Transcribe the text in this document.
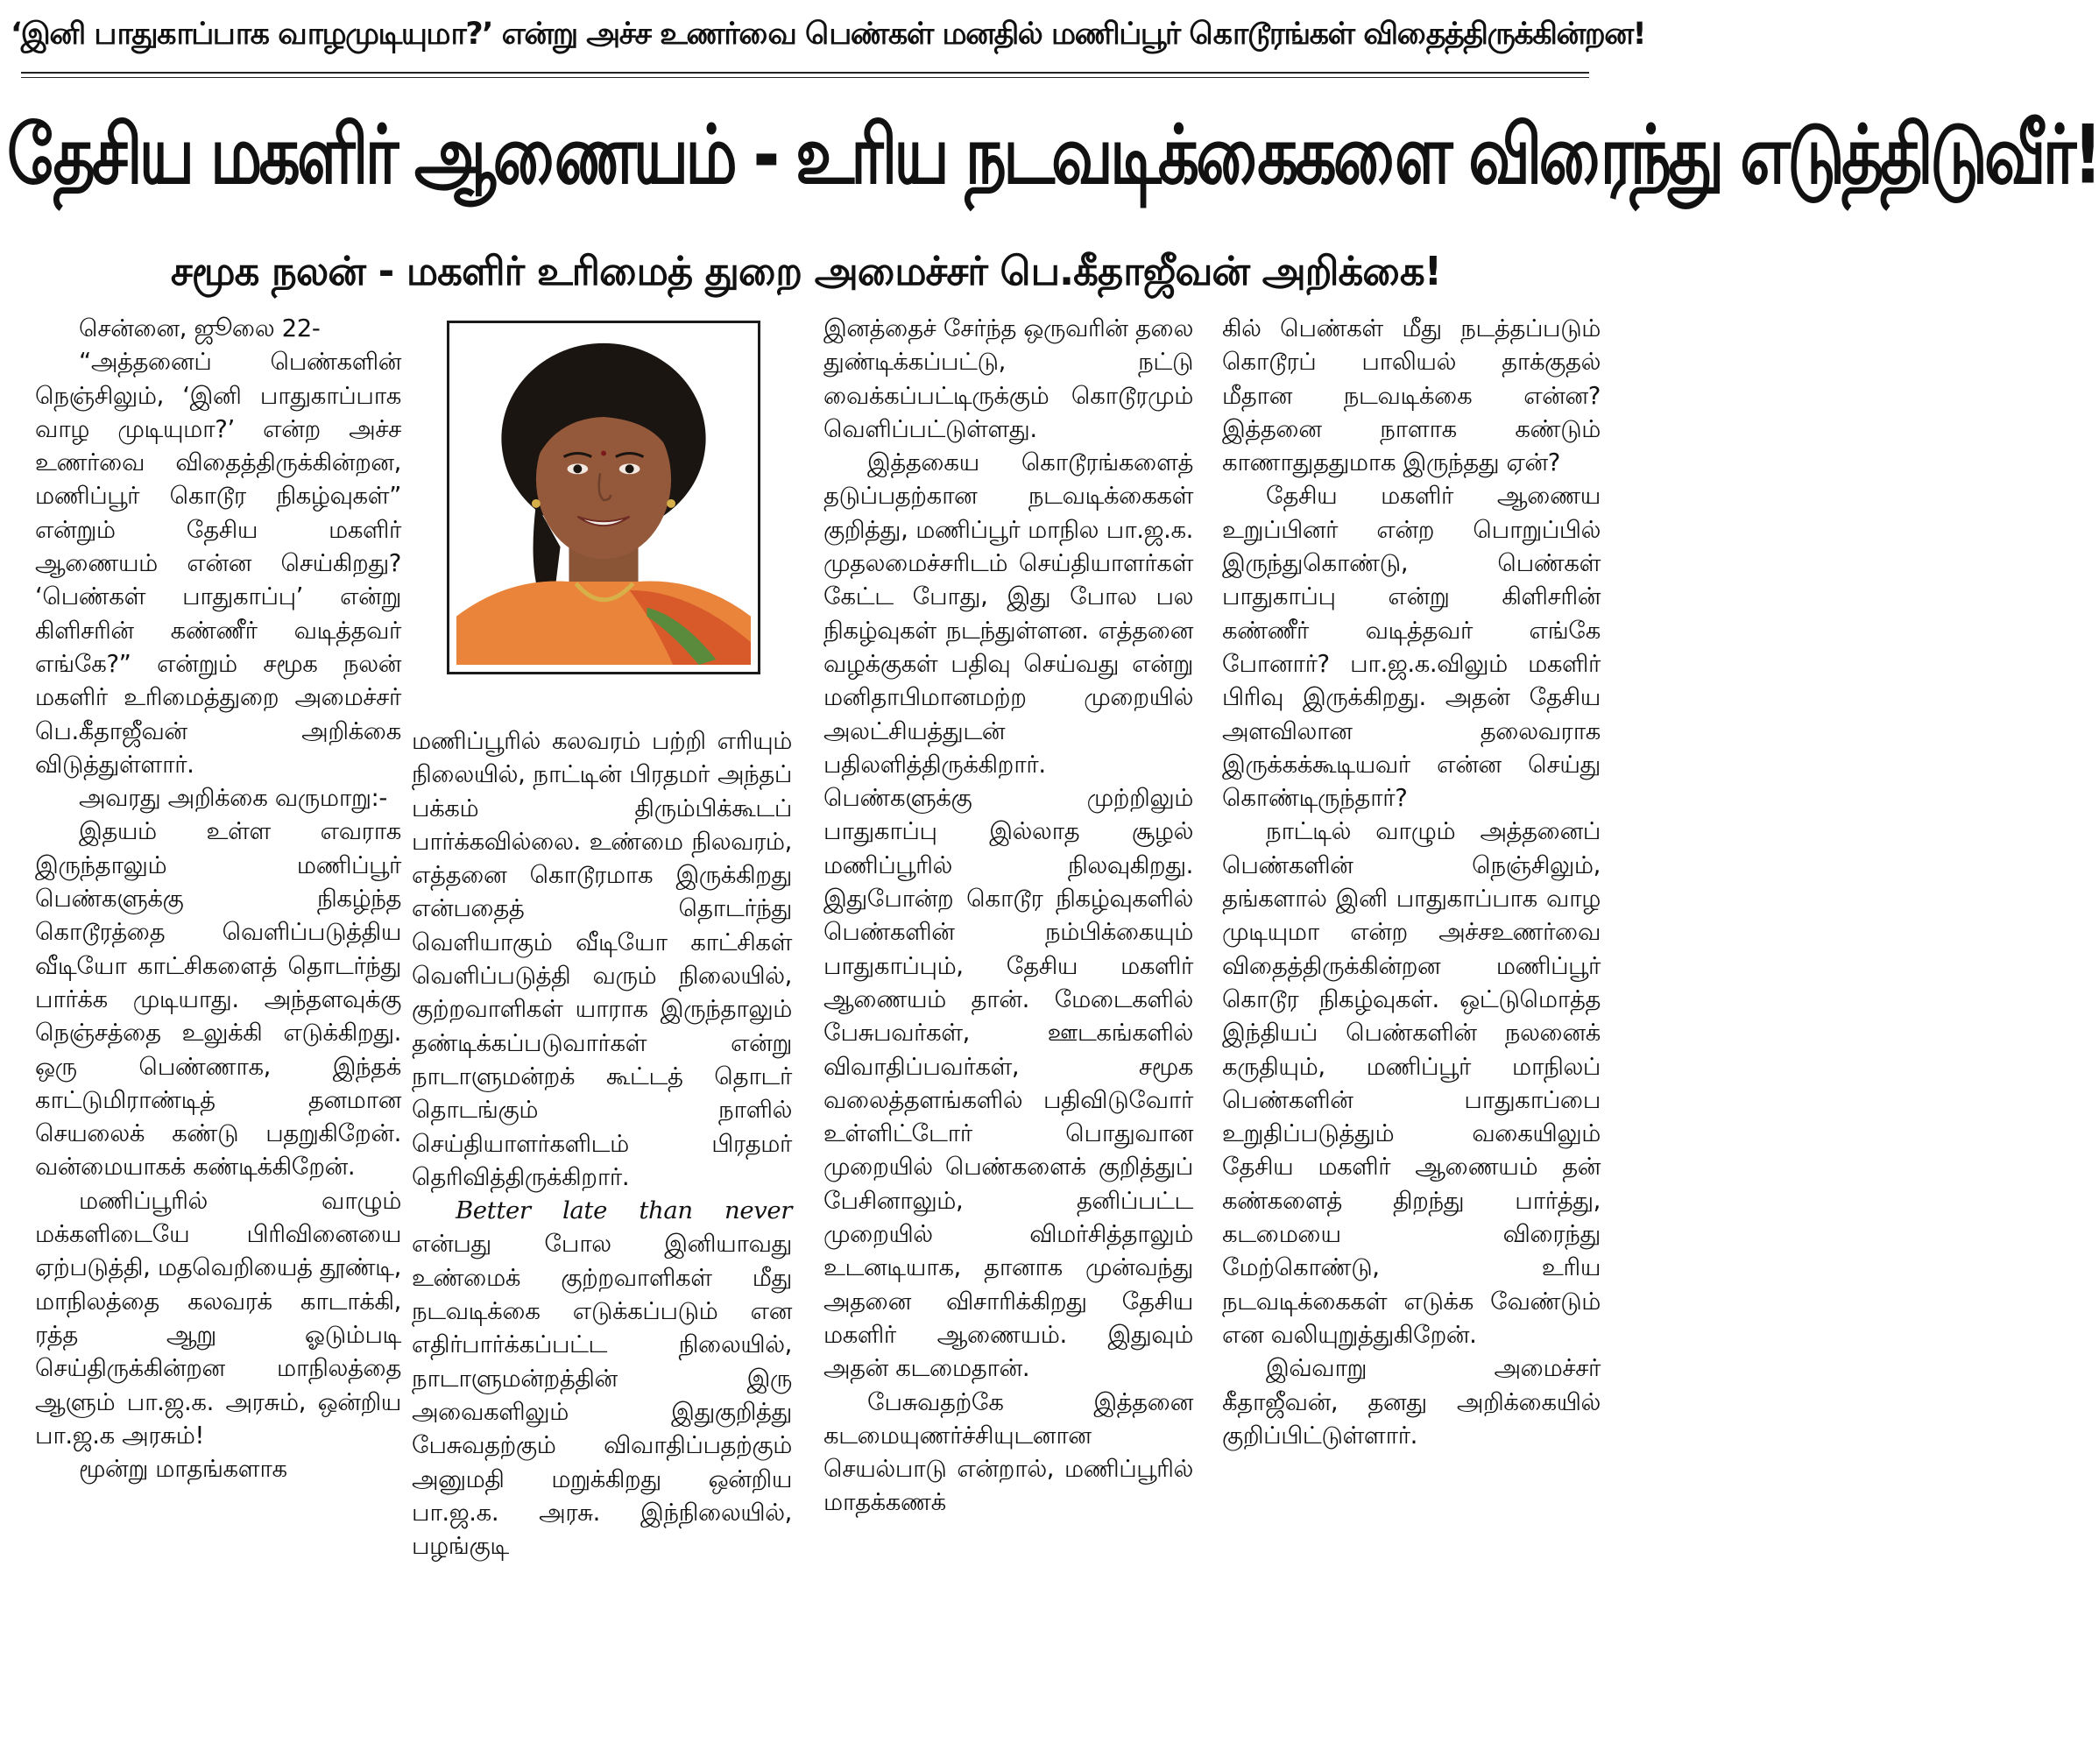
‘இனி பாதுகாப்பாக வாழமுடியுமா?’ என்று அச்ச உணர்வை பெண்கள் மனதில் மணிப்பூர் கொடூரங்கள் விதைத்திருக்கின்றன!
தேசிய மகளிர் ஆணையம் - உரிய நடவடிக்கைகளை விரைந்து எடுத்திடுவீர்!
சமூக நலன் - மகளிர் உரிமைத் துறை அமைச்சர் பெ.கீதாஜீவன் அறிக்கை!

சென்னை, ஜூலை 22-

“அத்தனைப் பெண்களின் நெஞ்சிலும், ‘இனி பாதுகாப்பாக வாழ முடியுமா?’ என்ற அச்ச உணர்வை விதைத்திருக்கின்றன, மணிப்பூர் கொடூர நிகழ்வுகள்” என்றும் தேசிய மகளிர் ஆணையம் என்ன செய்கிறது? ‘பெண்கள் பாதுகாப்பு’ என்று கிளிசரின் கண்ணீர் வடித்தவர் எங்கே?” என்றும் சமூக நலன் மகளிர் உரிமைத்துறை அமைச்சர் பெ.கீதாஜீவன் அறிக்கை விடுத்துள்ளார்.

அவரது அறிக்கை வருமாறு:-

இதயம் உள்ள எவராக இருந்தாலும் மணிப்பூர் பெண்களுக்கு நிகழ்ந்த கொடூரத்தை வெளிப்படுத்திய வீடியோ காட்சிகளைத் தொடர்ந்து பார்க்க முடியாது. அந்தளவுக்கு நெஞ்சத்தை உலுக்கி எடுக்கிறது. ஒரு பெண்ணாக, இந்தக் காட்டுமிராண்டித் தனமான செயலைக் கண்டு பதறுகிறேன். வன்மையாகக் கண்டிக்கிறேன்.

மணிப்பூரில் வாழும் மக்களிடையே பிரிவினையை ஏற்படுத்தி, மதவெறியைத் தூண்டி, மாநிலத்தை கலவரக் காடாக்கி, ரத்த ஆறு ஓடும்படி செய்திருக்கின்றன மாநிலத்தை ஆளும் பா.ஜ.க. அரசும், ஒன்றிய பா.ஜ.க அரசும்!

மூன்று மாதங்களாக

மணிப்பூரில் கலவரம் பற்றி எரியும் நிலையில், நாட்டின் பிரதமர் அந்தப் பக்கம் திரும்பிக்கூடப் பார்க்கவில்லை. உண்மை நிலவரம், எத்தனை கொடூரமாக இருக்கிறது என்பதைத் தொடர்ந்து வெளியாகும் வீடியோ காட்சிகள் வெளிப்படுத்தி வரும் நிலையில், குற்றவாளிகள் யாராக இருந்தாலும் தண்டிக்கப்படுவார்கள் என்று நாடாளுமன்றக் கூட்டத் தொடர் தொடங்கும் நாளில் செய்தியாளர்களிடம் பிரதமர் தெரிவித்திருக்கிறார்.

Better late than never என்பது போல இனியாவது உண்மைக் குற்றவாளிகள் மீது நடவடிக்கை எடுக்கப்படும் என எதிர்பார்க்கப்பட்ட நிலையில், நாடாளுமன்றத்தின் இரு அவைகளிலும் இதுகுறித்து பேசுவதற்கும் விவாதிப்பதற்கும் அனுமதி மறுக்கிறது ஒன்றிய பா.ஜ.க. அரசு. இந்நிலையில், பழங்குடி

இனத்தைச் சேர்ந்த ஒருவரின் தலை துண்டிக்கப்பட்டு, நட்டு வைக்கப்பட்டிருக்கும் கொடூரமும் வெளிப்பட்டுள்ளது.

இத்தகைய கொடூரங்களைத் தடுப்பதற்கான நடவடிக்கைகள் குறித்து, மணிப்பூர் மாநில பா.ஜ.க. முதலமைச்சரிடம் செய்தியாளர்கள் கேட்ட போது, இது போல பல நிகழ்வுகள் நடந்துள்ளன. எத்தனை வழக்குகள் பதிவு செய்வது என்று மனிதாபிமானமற்ற முறையில் அலட்சியத்துடன் பதிலளித்திருக்கிறார். பெண்களுக்கு முற்றிலும் பாதுகாப்பு இல்லாத சூழல் மணிப்பூரில் நிலவுகிறது. இதுபோன்ற கொடூர நிகழ்வுகளில் பெண்களின் நம்பிக்கையும் பாதுகாப்பும், தேசிய மகளிர் ஆணையம் தான். மேடைகளில் பேசுபவர்கள், ஊடகங்களில் விவாதிப்பவர்கள், சமூக வலைத்தளங்களில் பதிவிடுவோர் உள்ளிட்டோர் பொதுவான முறையில் பெண்களைக் குறித்துப் பேசினாலும், தனிப்பட்ட முறையில் விமர்சித்தாலும் உடனடியாக, தானாக முன்வந்து அதனை விசாரிக்கிறது தேசிய மகளிர் ஆணையம். இதுவும் அதன் கடமைதான்.

பேசுவதற்கே இத்தனை கடமையுணர்ச்சியுடனான செயல்பாடு என்றால், மணிப்பூரில் மாதக்கணக்

கில் பெண்கள் மீது நடத்தப்படும் கொடூரப் பாலியல் தாக்குதல் மீதான நடவடிக்கை என்ன? இத்தனை நாளாக கண்டும் காணாதுததுமாக இருந்தது ஏன்?

தேசிய மகளிர் ஆணைய உறுப்பினர் என்ற பொறுப்பில் இருந்துகொண்டு, பெண்கள் பாதுகாப்பு என்று கிளிசரின் கண்ணீர் வடித்தவர் எங்கே போனார்? பா.ஜ.க.விலும் மகளிர் பிரிவு இருக்கிறது. அதன் தேசிய அளவிலான தலைவராக இருக்கக்கூடியவர் என்ன செய்து கொண்டிருந்தார்?

நாட்டில் வாழும் அத்தனைப் பெண்களின் நெஞ்சிலும், தங்களால் இனி பாதுகாப்பாக வாழ முடியுமா என்ற அச்சஉணர்வை விதைத்திருக்கின்றன மணிப்பூர் கொடூர நிகழ்வுகள். ஒட்டுமொத்த இந்தியப் பெண்களின் நலனைக் கருதியும், மணிப்பூர் மாநிலப் பெண்களின் பாதுகாப்பை உறுதிப்படுத்தும் வகையிலும் தேசிய மகளிர் ஆணையம் தன் கண்களைத் திறந்து பார்த்து, கடமையை விரைந்து மேற்கொண்டு, உரிய நடவடிக்கைகள் எடுக்க வேண்டும் என வலியுறுத்துகிறேன்.

இவ்வாறு அமைச்சர் கீதாஜீவன், தனது அறிக்கையில் குறிப்பிட்டுள்ளார்.
